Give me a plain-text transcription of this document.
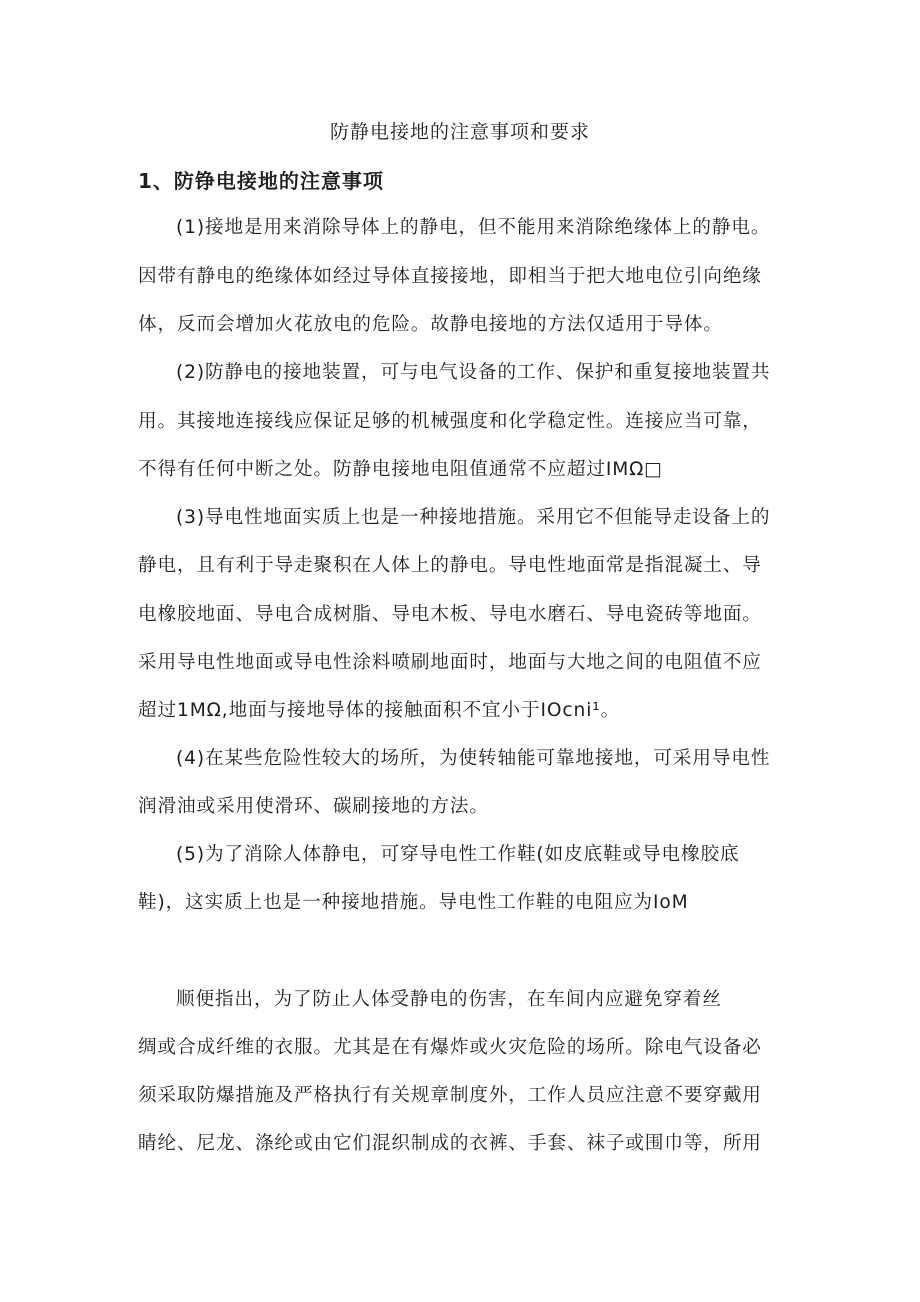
防静电接地的注意事项和要求
1、防铮电接地的注意事项

(1)接地是用来消除导体上的静电，但不能用来消除绝缘体上的静电。

因带有静电的绝缘体如经过导体直接接地，即相当于把大地电位引向绝缘

体，反而会增加火花放电的危险。故静电接地的方法仅适用于导体。

(2)防静电的接地装置，可与电气设备的工作、保护和重复接地装置共

用。其接地连接线应保证足够的机械强度和化学稳定性。连接应当可靠，

不得有任何中断之处。防静电接地电阻值通常不应超过IMΩ□

(3)导电性地面实质上也是一种接地措施。采用它不但能导走设备上的

静电，且有利于导走聚积在人体上的静电。导电性地面常是指混凝土、导

电橡胶地面、导电合成树脂、导电木板、导电水磨石、导电瓷砖等地面。

采用导电性地面或导电性涂料喷刷地面时，地面与大地之间的电阻值不应

超过1MΩ,地面与接地导体的接触面积不宜小于IOcni¹。

(4)在某些危险性较大的场所，为使转轴能可靠地接地，可采用导电性

润滑油或采用使滑环、碳刷接地的方法。

(5)为了消除人体静电，可穿导电性工作鞋(如皮底鞋或导电橡胶底

鞋)，这实质上也是一种接地措施。导电性工作鞋的电阻应为IoM

顺便指出，为了防止人体受静电的伤害，在车间内应避免穿着丝

绸或合成纤维的衣服。尤其是在有爆炸或火灾危险的场所。除电气设备必

须采取防爆措施及严格执行有关规章制度外，工作人员应注意不要穿戴用

睛纶、尼龙、涤纶或由它们混织制成的衣裤、手套、袜子或围巾等，所用
